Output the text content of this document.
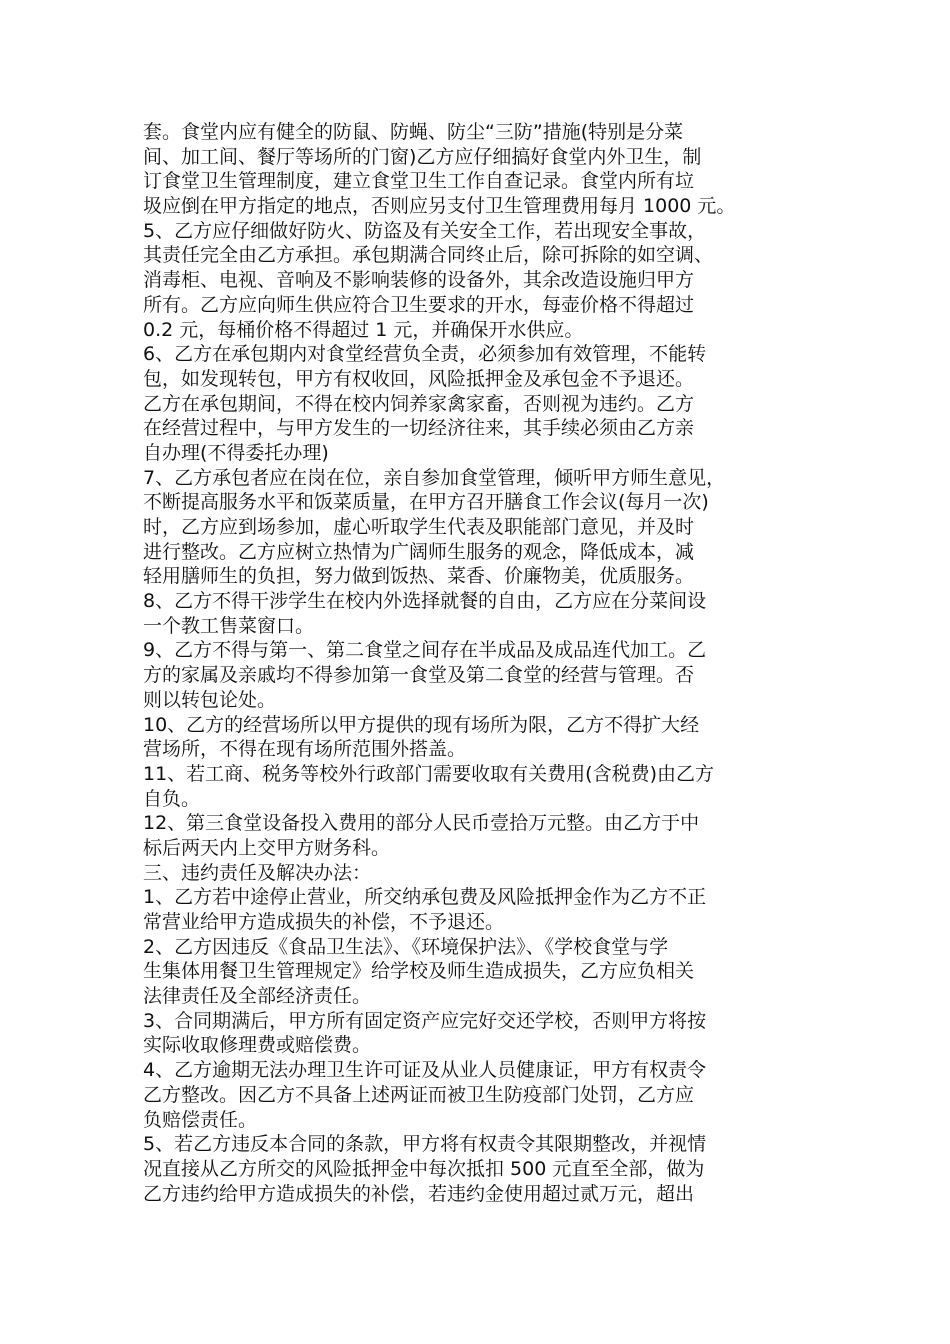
套。食堂内应有健全的防鼠、防蝇、防尘“三防”措施(特别是分菜
间、加工间、餐厅等场所的门窗)乙方应仔细搞好食堂内外卫生，制
订食堂卫生管理制度，建立食堂卫生工作自查记录。食堂内所有垃
圾应倒在甲方指定的地点，否则应另支付卫生管理费用每月 1000 元。
5、乙方应仔细做好防火、防盗及有关安全工作，若出现安全事故，
其责任完全由乙方承担。承包期满合同终止后，除可拆除的如空调、
消毒柜、电视、音响及不影响装修的设备外，其余改造设施归甲方
所有。乙方应向师生供应符合卫生要求的开水，每壶价格不得超过
0.2 元，每桶价格不得超过 1 元，并确保开水供应。
6、乙方在承包期内对食堂经营负全责，必须参加有效管理，不能转
包，如发现转包，甲方有权收回，风险抵押金及承包金不予退还。
乙方在承包期间，不得在校内饲养家禽家畜，否则视为违约。乙方
在经营过程中，与甲方发生的一切经济往来，其手续必须由乙方亲
自办理(不得委托办理)
7、乙方承包者应在岗在位，亲自参加食堂管理，倾听甲方师生意见，
不断提高服务水平和饭菜质量，在甲方召开膳食工作会议(每月一次)
时，乙方应到场参加，虚心听取学生代表及职能部门意见，并及时
进行整改。乙方应树立热情为广阔师生服务的观念，降低成本，减
轻用膳师生的负担，努力做到饭热、菜香、价廉物美，优质服务。
8、乙方不得干涉学生在校内外选择就餐的自由，乙方应在分菜间设
一个教工售菜窗口。
9、乙方不得与第一、第二食堂之间存在半成品及成品连代加工。乙
方的家属及亲戚均不得参加第一食堂及第二食堂的经营与管理。否
则以转包论处。
10、乙方的经营场所以甲方提供的现有场所为限，乙方不得扩大经
营场所，不得在现有场所范围外搭盖。
11、若工商、税务等校外行政部门需要收取有关费用(含税费)由乙方
自负。
12、第三食堂设备投入费用的部分人民币壹拾万元整。由乙方于中
标后两天内上交甲方财务科。
三、违约责任及解决办法：
1、乙方若中途停止营业，所交纳承包费及风险抵押金作为乙方不正
常营业给甲方造成损失的补偿，不予退还。
2、乙方因违反《食品卫生法》、《环境保护法》、《学校食堂与学
生集体用餐卫生管理规定》给学校及师生造成损失，乙方应负相关
法律责任及全部经济责任。
3、合同期满后，甲方所有固定资产应完好交还学校，否则甲方将按
实际收取修理费或赔偿费。
4、乙方逾期无法办理卫生许可证及从业人员健康证，甲方有权责令
乙方整改。因乙方不具备上述两证而被卫生防疫部门处罚，乙方应
负赔偿责任。
5、若乙方违反本合同的条款，甲方将有权责令其限期整改，并视情
况直接从乙方所交的风险抵押金中每次抵扣 500 元直至全部，做为
乙方违约给甲方造成损失的补偿，若违约金使用超过贰万元，超出
